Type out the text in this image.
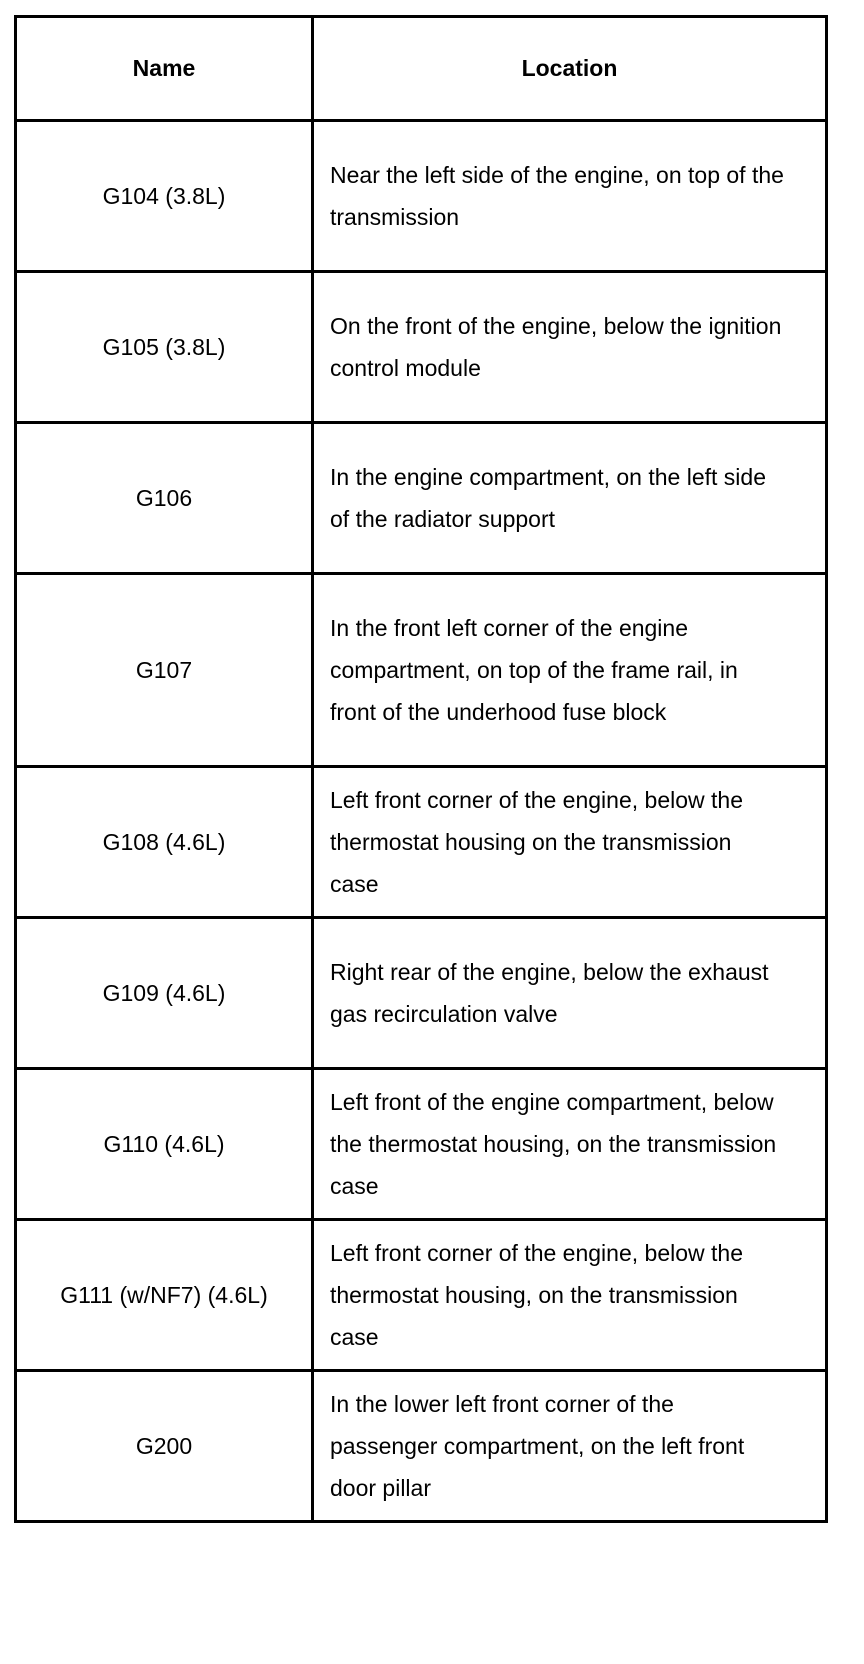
Name	Location
G104 (3.8L)	Near the left side of the engine, on top of the transmission
G105 (3.8L)	On the front of the engine, below the ignition control module
G106	In the engine compartment, on the left side of the radiator support
G107	In the front left corner of the engine compartment, on top of the frame rail, in front of the underhood fuse block
G108 (4.6L)	Left front corner of the engine, below the thermostat housing on the transmission case
G109 (4.6L)	Right rear of the engine, below the exhaust gas recirculation valve
G110 (4.6L)	Left front of the engine compartment, below the thermostat housing, on the transmission case
G111 (w/NF7) (4.6L)	Left front corner of the engine, below the thermostat housing, on the transmission case
G200	In the lower left front corner of the passenger compartment, on the left front door pillar
